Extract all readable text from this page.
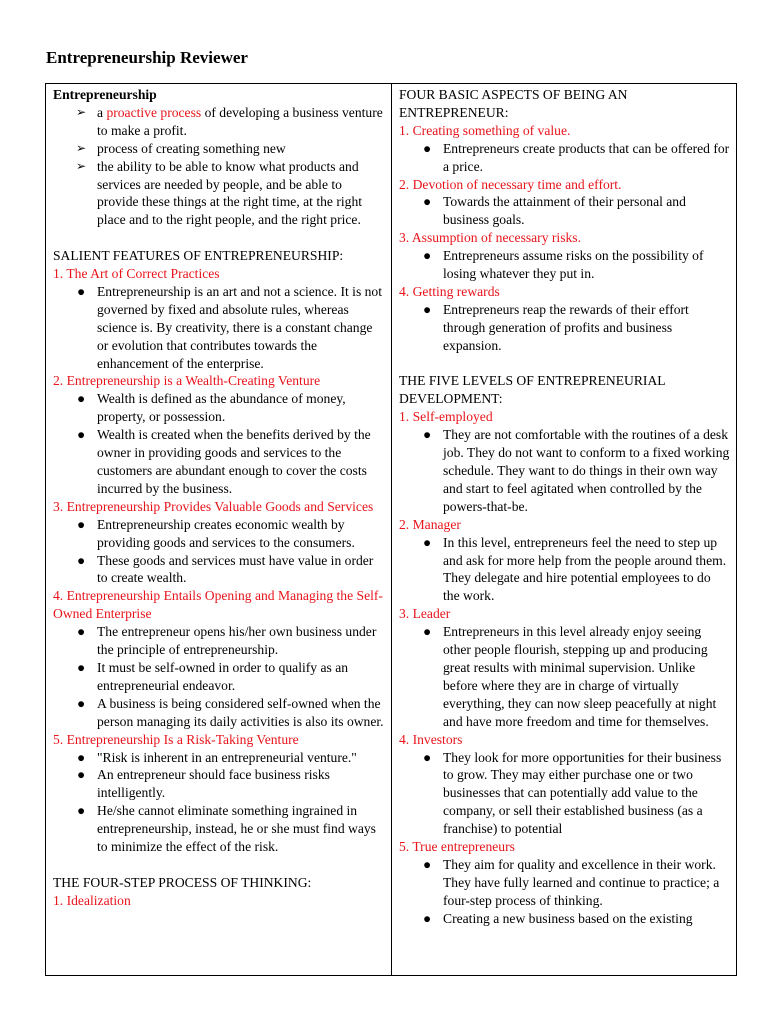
Entrepreneurship Reviewer
Entrepreneurship
➢ a proactive process of developing a business venture to make a profit.
➢ process of creating something new
➢ the ability to be able to know what products and services are needed by people, and be able to provide these things at the right time, at the right place and to the right people, and the right price.
SALIENT FEATURES OF ENTREPRENEURSHIP:
1. The Art of Correct Practices
● Entrepreneurship is an art and not a science. It is not governed by fixed and absolute rules, whereas science is. By creativity, there is a constant change or evolution that contributes towards the enhancement of the enterprise.
2. Entrepreneurship is a Wealth-Creating Venture
● Wealth is defined as the abundance of money, property, or possession.
● Wealth is created when the benefits derived by the owner in providing goods and services to the customers are abundant enough to cover the costs incurred by the business.
3. Entrepreneurship Provides Valuable Goods and Services
● Entrepreneurship creates economic wealth by providing goods and services to the consumers.
● These goods and services must have value in order to create wealth.
4. Entrepreneurship Entails Opening and Managing the Self-Owned Enterprise
● The entrepreneur opens his/her own business under the principle of entrepreneurship.
● It must be self-owned in order to qualify as an entrepreneurial endeavor.
● A business is being considered self-owned when the person managing its daily activities is also its owner.
5. Entrepreneurship Is a Risk-Taking Venture
● "Risk is inherent in an entrepreneurial venture."
● An entrepreneur should face business risks intelligently.
● He/she cannot eliminate something ingrained in entrepreneurship, instead, he or she must find ways to minimize the effect of the risk.
THE FOUR-STEP PROCESS OF THINKING:
1. Idealization
FOUR BASIC ASPECTS OF BEING AN ENTREPRENEUR:
1. Creating something of value.
● Entrepreneurs create products that can be offered for a price.
2. Devotion of necessary time and effort.
● Towards the attainment of their personal and business goals.
3. Assumption of necessary risks.
● Entrepreneurs assume risks on the possibility of losing whatever they put in.
4. Getting rewards
● Entrepreneurs reap the rewards of their effort through generation of profits and business expansion.
THE FIVE LEVELS OF ENTREPRENEURIAL DEVELOPMENT:
1. Self-employed
● They are not comfortable with the routines of a desk job. They do not want to conform to a fixed working schedule. They want to do things in their own way and start to feel agitated when controlled by the powers-that-be.
2. Manager
● In this level, entrepreneurs feel the need to step up and ask for more help from the people around them. They delegate and hire potential employees to do the work.
3. Leader
● Entrepreneurs in this level already enjoy seeing other people flourish, stepping up and producing great results with minimal supervision. Unlike before where they are in charge of virtually everything, they can now sleep peacefully at night and have more freedom and time for themselves.
4. Investors
● They look for more opportunities for their business to grow. They may either purchase one or two businesses that can potentially add value to the company, or sell their established business (as a franchise) to potential
5. True entrepreneurs
● They aim for quality and excellence in their work. They have fully learned and continue to practice; a four-step process of thinking.
● Creating a new business based on the existing
